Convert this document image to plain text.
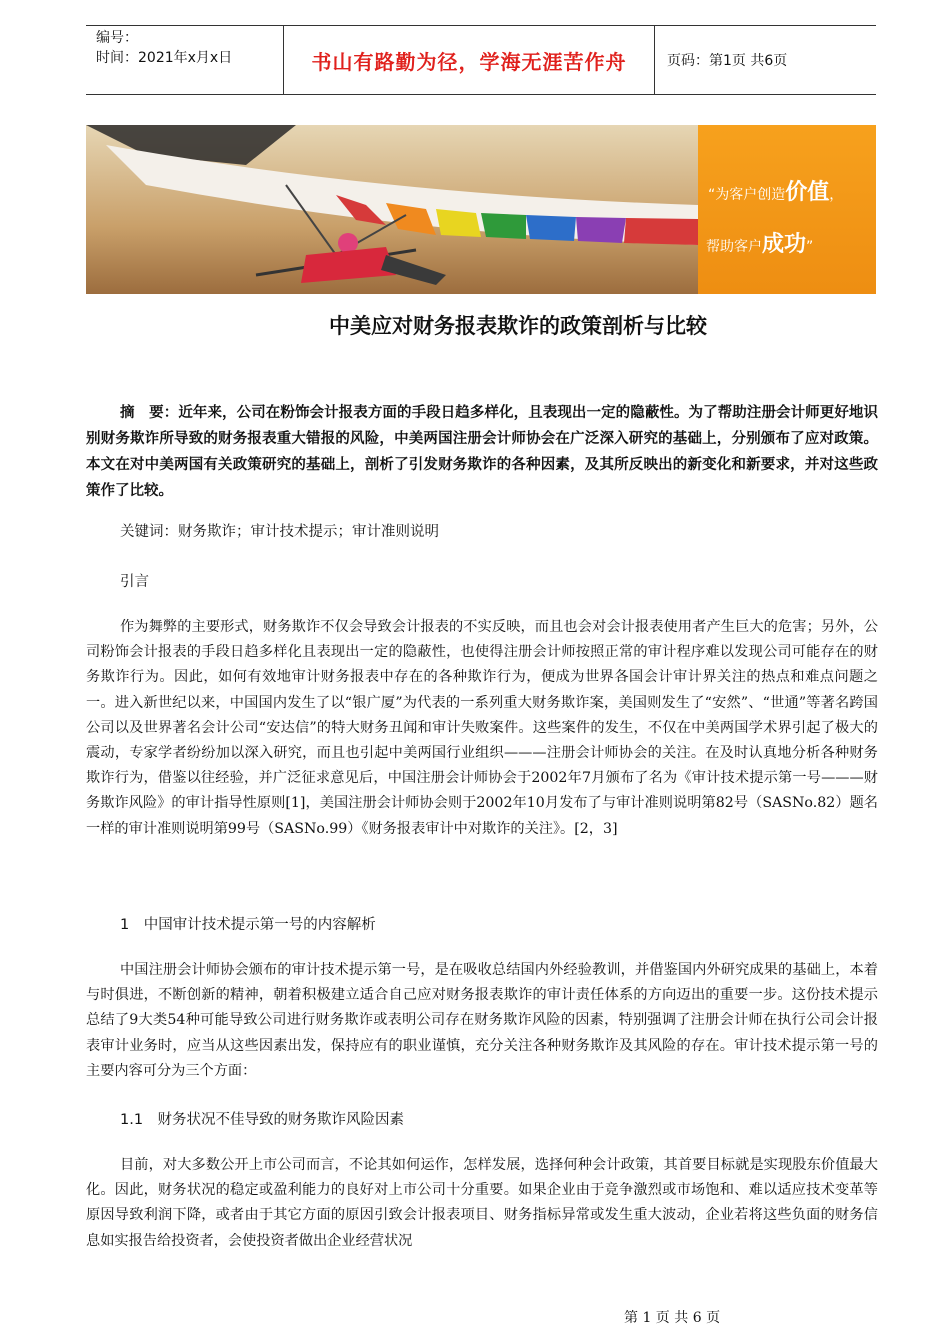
编号：
时间：2021年x月x日	书山有路勤为径，学海无涯苦作舟	页码：第1页 共6页
“为客户创造价值，
帮助客户成功”
中美应对财务报表欺诈的政策剖析与比较

摘　要：近年来，公司在粉饰会计报表方面的手段日趋多样化，且表现出一定的隐蔽性。为了帮助注册会计师更好地识别财务欺诈所导致的财务报表重大错报的风险，中美两国注册会计师协会在广泛深入研究的基础上，分别颁布了应对政策。本文在对中美两国有关政策研究的基础上，剖析了引发财务欺诈的各种因素，及其所反映出的新变化和新要求，并对这些政策作了比较。

关键词：财务欺诈；审计技术提示；审计准则说明
引言

作为舞弊的主要形式，财务欺诈不仅会导致会计报表的不实反映，而且也会对会计报表使用者产生巨大的危害；另外，公司粉饰会计报表的手段日趋多样化且表现出一定的隐蔽性，也使得注册会计师按照正常的审计程序难以发现公司可能存在的财务欺诈行为。因此，如何有效地审计财务报表中存在的各种欺诈行为，便成为世界各国会计审计界关注的热点和难点问题之一。进入新世纪以来，中国国内发生了以“银广厦”为代表的一系列重大财务欺诈案，美国则发生了“安然”、“世通”等著名跨国公司以及世界著名会计公司“安达信”的特大财务丑闻和审计失败案件。这些案件的发生，不仅在中美两国学术界引起了极大的震动，专家学者纷纷加以深入研究，而且也引起中美两国行业组织———注册会计师协会的关注。在及时认真地分析各种财务欺诈行为，借鉴以往经验，并广泛征求意见后，中国注册会计师协会于2002年7月颁布了名为《审计技术提示第一号———财务欺诈风险》的审计指导性原则[1]，美国注册会计师协会则于2002年10月发布了与审计准则说明第82号（SASNo.82）题名一样的审计准则说明第99号（SASNo.99）《财务报表审计中对欺诈的关注》。[2，3]

1　中国审计技术提示第一号的内容解析

中国注册会计师协会颁布的审计技术提示第一号，是在吸收总结国内外经验教训，并借鉴国内外研究成果的基础上，本着与时俱进，不断创新的精神，朝着积极建立适合自己应对财务报表欺诈的审计责任体系的方向迈出的重要一步。这份技术提示总结了9大类54种可能导致公司进行财务欺诈或表明公司存在财务欺诈风险的因素，特别强调了注册会计师在执行公司会计报表审计业务时，应当从这些因素出发，保持应有的职业谨慎，充分关注各种财务欺诈及其风险的存在。审计技术提示第一号的主要内容可分为三个方面：

1.1　财务状况不佳导致的财务欺诈风险因素

目前，对大多数公开上市公司而言，不论其如何运作，怎样发展，选择何种会计政策，其首要目标就是实现股东价值最大化。因此，财务状况的稳定或盈利能力的良好对上市公司十分重要。如果企业由于竞争激烈或市场饱和、难以适应技术变革等原因导致利润下降，或者由于其它方面的原因引致会计报表项目、财务指标异常或发生重大波动，企业若将这些负面的财务信息如实报告给投资者，会使投资者做出企业经营状况

第 1 页 共 6 页
